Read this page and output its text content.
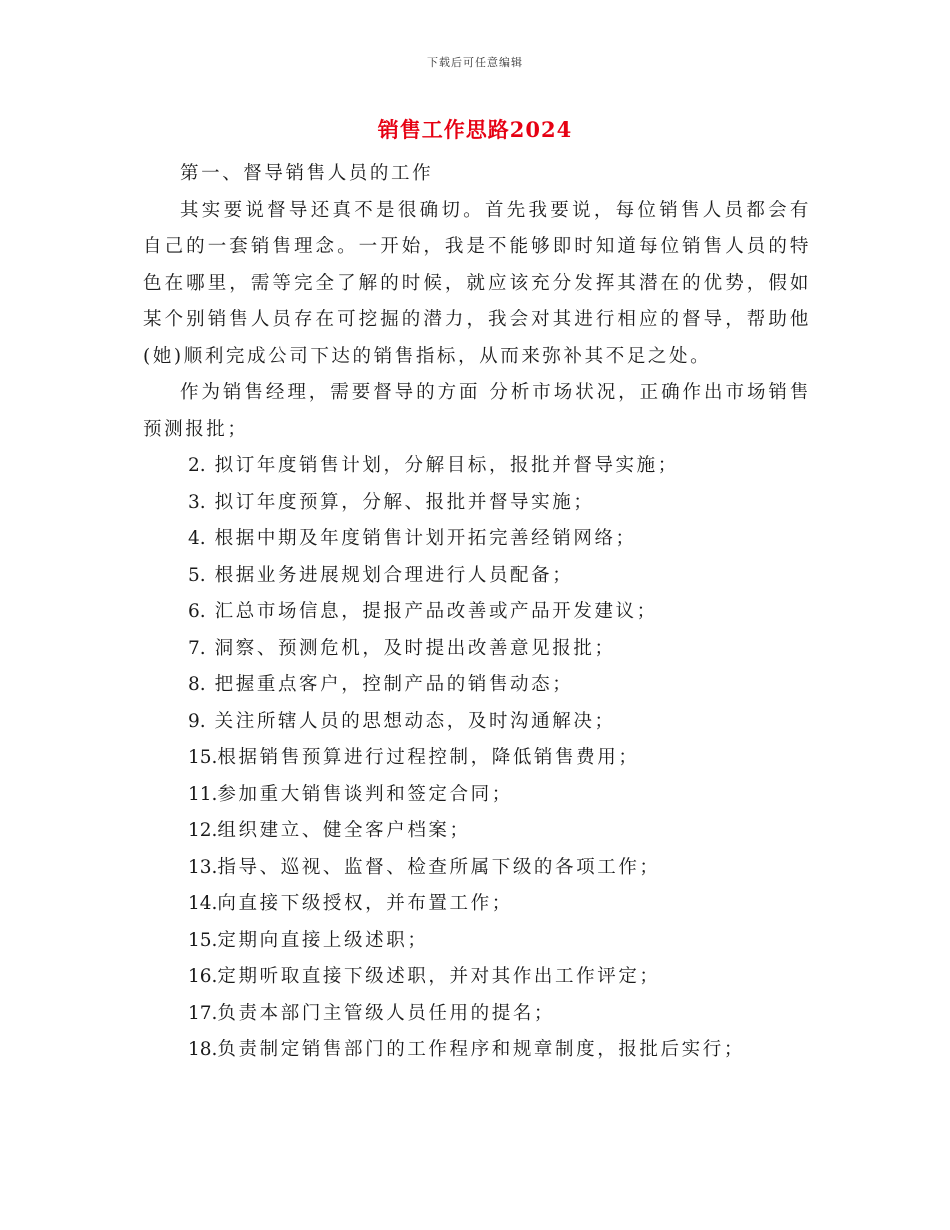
下载后可任意编辑
销售工作思路2024

第一、督导销售人员的工作

其实要说督导还真不是很确切。首先我要说，每位销售人员都会有自己的一套销售理念。一开始，我是不能够即时知道每位销售人员的特色在哪里，需等完全了解的时候，就应该充分发挥其潜在的优势，假如某个别销售人员存在可挖掘的潜力，我会对其进行相应的督导，帮助他(她)顺利完成公司下达的销售指标，从而来弥补其不足之处。

作为销售经理，需要督导的方面 分析市场状况，正确作出市场销售预测报批；

2. 拟订年度销售计划，分解目标，报批并督导实施；
3. 拟订年度预算，分解、报批并督导实施；
4. 根据中期及年度销售计划开拓完善经销网络；
5. 根据业务进展规划合理进行人员配备；
6. 汇总市场信息，提报产品改善或产品开发建议；
7. 洞察、预测危机，及时提出改善意见报批；
8. 把握重点客户，控制产品的销售动态；
9. 关注所辖人员的思想动态，及时沟通解决；
15.根据销售预算进行过程控制，降低销售费用；
11.参加重大销售谈判和签定合同；
12.组织建立、健全客户档案；
13.指导、巡视、监督、检查所属下级的各项工作；
14.向直接下级授权，并布置工作；
15.定期向直接上级述职；
16.定期听取直接下级述职，并对其作出工作评定；
17.负责本部门主管级人员任用的提名；
18.负责制定销售部门的工作程序和规章制度，报批后实行；
